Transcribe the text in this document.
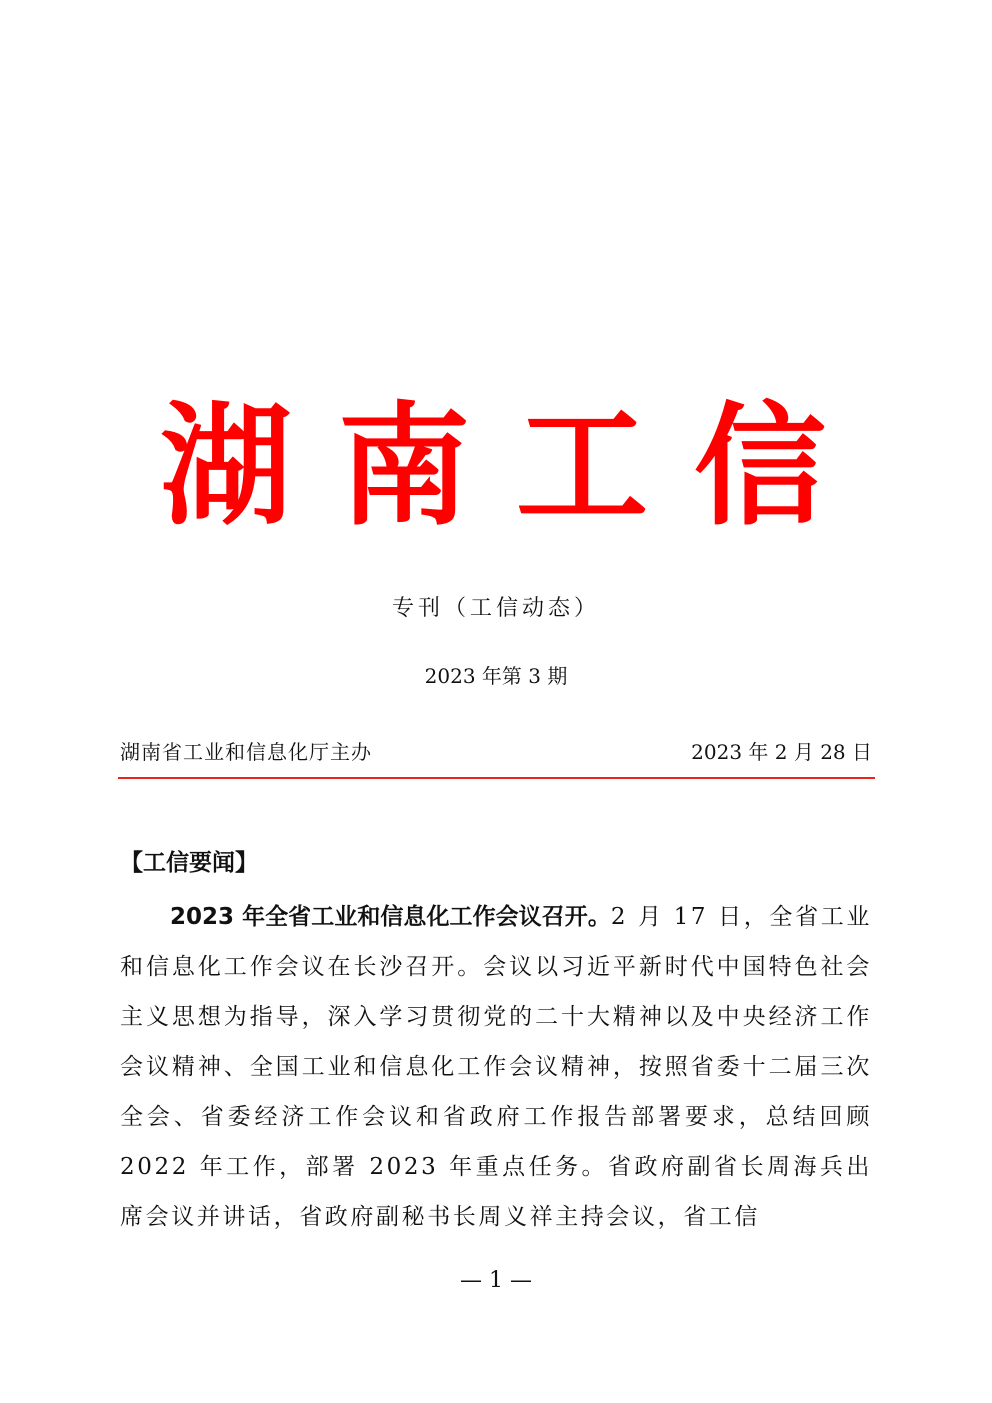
湖南工信
专刊（工信动态）
2023 年第 3 期
湖南省工业和信息化厅主办	2023 年 2 月 28 日
【工信要闻】
2023 年全省工业和信息化工作会议召开。2 月 17 日，全省工业和信息化工作会议在长沙召开。会议以习近平新时代中国特色社会主义思想为指导，深入学习贯彻党的二十大精神以及中央经济工作会议精神、全国工业和信息化工作会议精神，按照省委十二届三次全会、省委经济工作会议和省政府工作报告部署要求，总结回顾 2022 年工作，部署 2023 年重点任务。省政府副省长周海兵出席会议并讲话，省政府副秘书长周义祥主持会议，省工信
— 1 —
